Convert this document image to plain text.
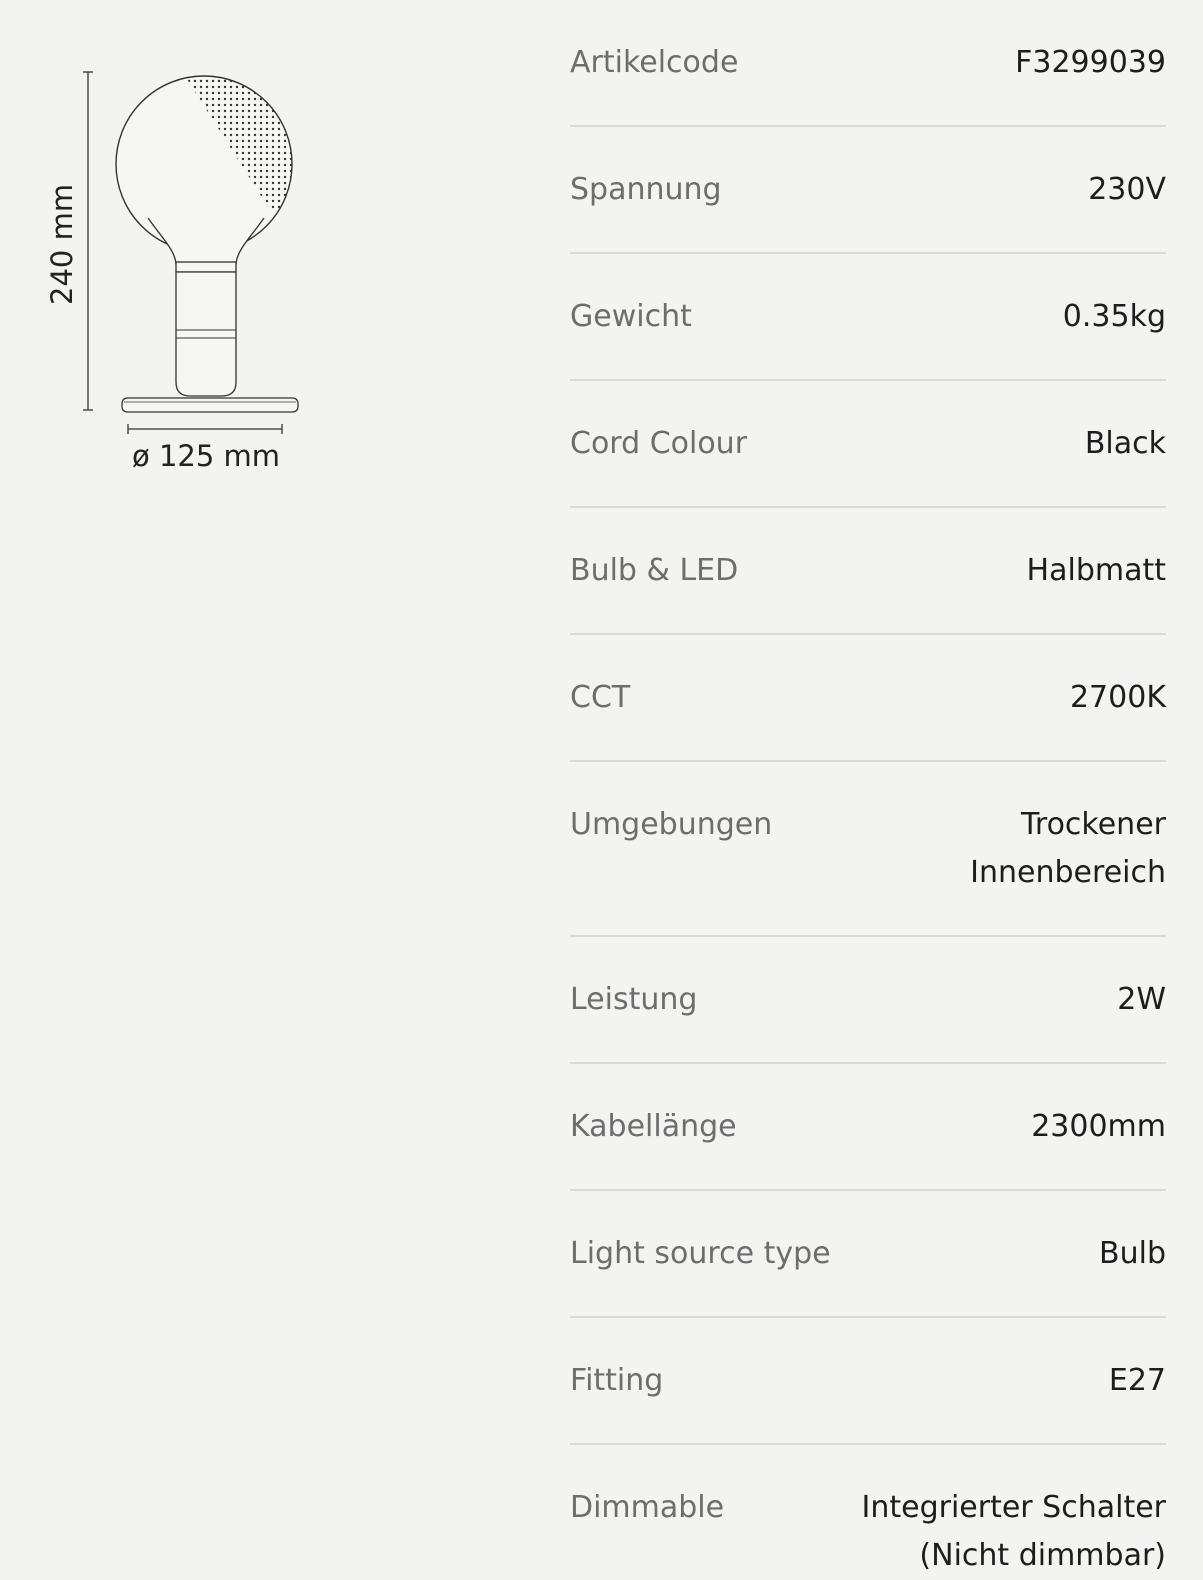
240 mm
ø 125 mm
Artikelcode	F3299039
Spannung	230V
Gewicht	0.35kg
Cord Colour	Black
Bulb & LED	Halbmatt
CCT	2700K
Umgebungen	Trockener
Innenbereich
Leistung	2W
Kabellänge	2300mm
Light source type	Bulb
Fitting	E27
Dimmable	Integrierter Schalter
(Nicht dimmbar)
